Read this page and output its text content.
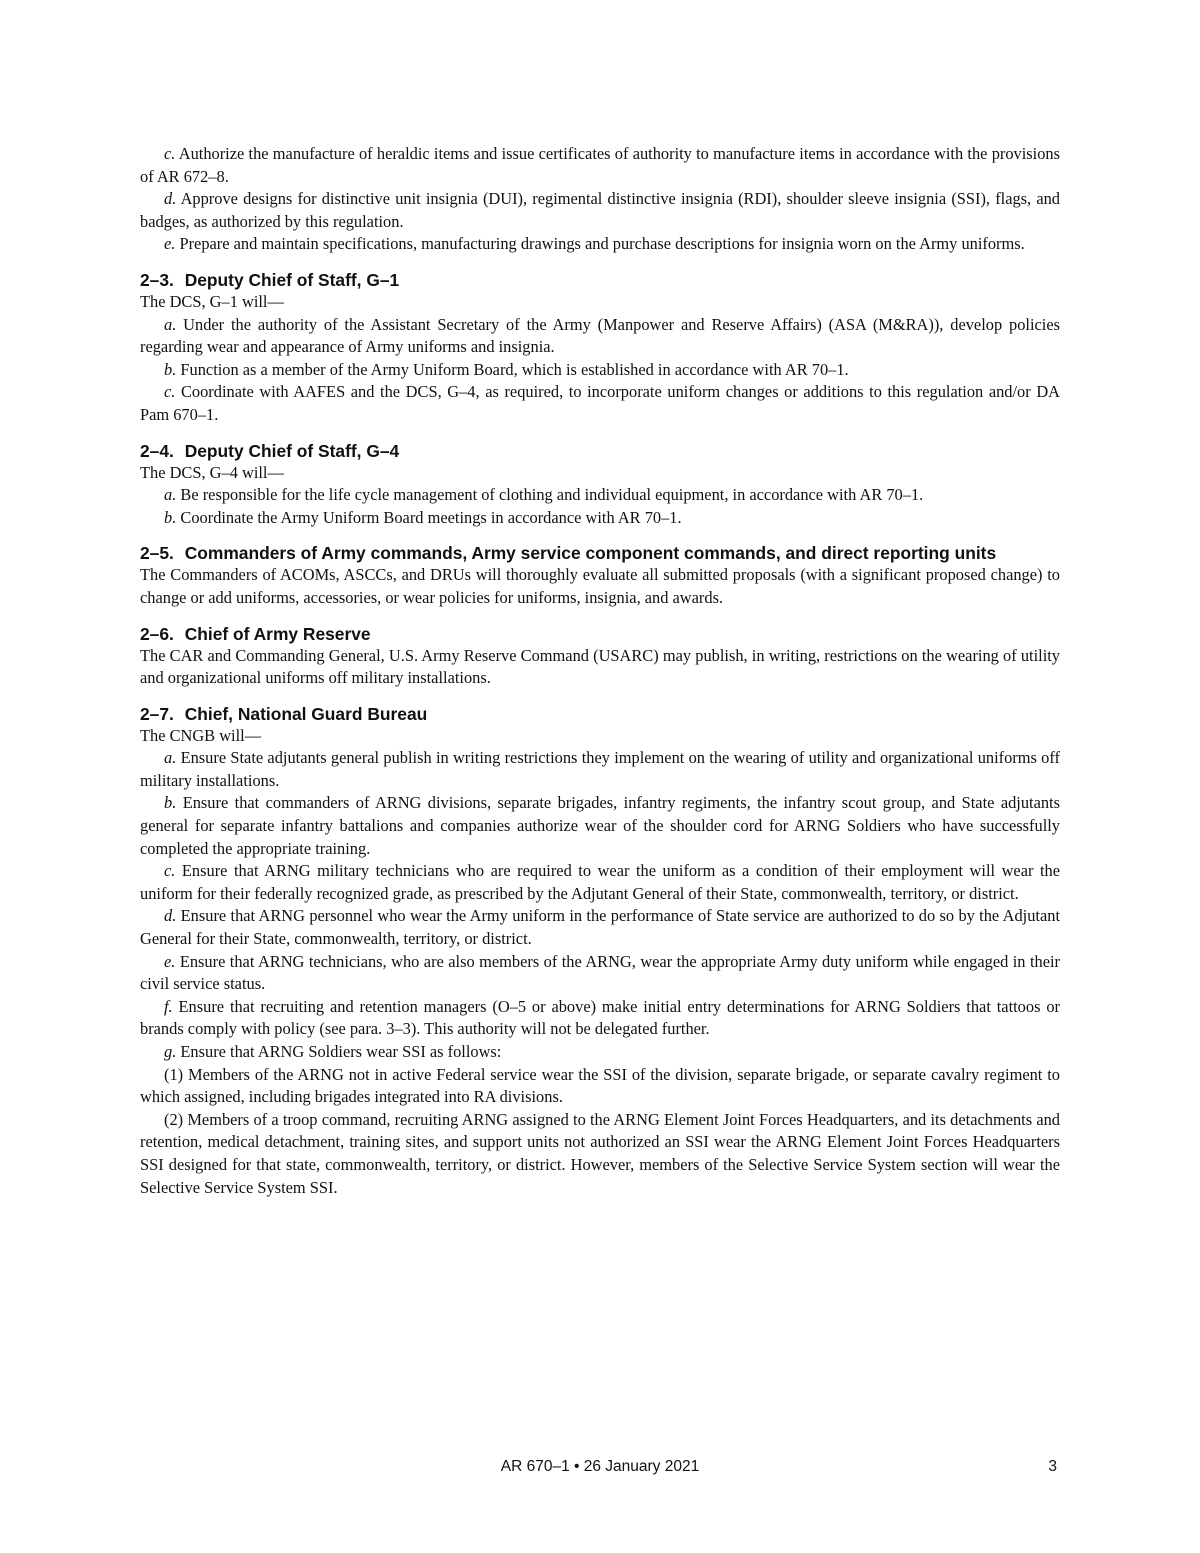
c. Authorize the manufacture of heraldic items and issue certificates of authority to manufacture items in accordance with the provisions of AR 672–8.

d. Approve designs for distinctive unit insignia (DUI), regimental distinctive insignia (RDI), shoulder sleeve insignia (SSI), flags, and badges, as authorized by this regulation.

e. Prepare and maintain specifications, manufacturing drawings and purchase descriptions for insignia worn on the Army uniforms.

2–3. Deputy Chief of Staff, G–1

The DCS, G–1 will—

a. Under the authority of the Assistant Secretary of the Army (Manpower and Reserve Affairs) (ASA (M&RA)), develop policies regarding wear and appearance of Army uniforms and insignia.

b. Function as a member of the Army Uniform Board, which is established in accordance with AR 70–1.

c. Coordinate with AAFES and the DCS, G–4, as required, to incorporate uniform changes or additions to this regulation and/or DA Pam 670–1.

2–4. Deputy Chief of Staff, G–4

The DCS, G–4 will—

a. Be responsible for the life cycle management of clothing and individual equipment, in accordance with AR 70–1.

b. Coordinate the Army Uniform Board meetings in accordance with AR 70–1.

2–5. Commanders of Army commands, Army service component commands, and direct reporting units

The Commanders of ACOMs, ASCCs, and DRUs will thoroughly evaluate all submitted proposals (with a significant proposed change) to change or add uniforms, accessories, or wear policies for uniforms, insignia, and awards.

2–6. Chief of Army Reserve

The CAR and Commanding General, U.S. Army Reserve Command (USARC) may publish, in writing, restrictions on the wearing of utility and organizational uniforms off military installations.

2–7. Chief, National Guard Bureau

The CNGB will—

a. Ensure State adjutants general publish in writing restrictions they implement on the wearing of utility and organizational uniforms off military installations.

b. Ensure that commanders of ARNG divisions, separate brigades, infantry regiments, the infantry scout group, and State adjutants general for separate infantry battalions and companies authorize wear of the shoulder cord for ARNG Soldiers who have successfully completed the appropriate training.

c. Ensure that ARNG military technicians who are required to wear the uniform as a condition of their employment will wear the uniform for their federally recognized grade, as prescribed by the Adjutant General of their State, commonwealth, territory, or district.

d. Ensure that ARNG personnel who wear the Army uniform in the performance of State service are authorized to do so by the Adjutant General for their State, commonwealth, territory, or district.

e. Ensure that ARNG technicians, who are also members of the ARNG, wear the appropriate Army duty uniform while engaged in their civil service status.

f. Ensure that recruiting and retention managers (O–5 or above) make initial entry determinations for ARNG Soldiers that tattoos or brands comply with policy (see para. 3–3). This authority will not be delegated further.

g. Ensure that ARNG Soldiers wear SSI as follows:

(1) Members of the ARNG not in active Federal service wear the SSI of the division, separate brigade, or separate cavalry regiment to which assigned, including brigades integrated into RA divisions.

(2) Members of a troop command, recruiting ARNG assigned to the ARNG Element Joint Forces Headquarters, and its detachments and retention, medical detachment, training sites, and support units not authorized an SSI wear the ARNG Element Joint Forces Headquarters SSI designed for that state, commonwealth, territory, or district. However, members of the Selective Service System section will wear the Selective Service System SSI.

AR 670–1 • 26 January 2021	3
